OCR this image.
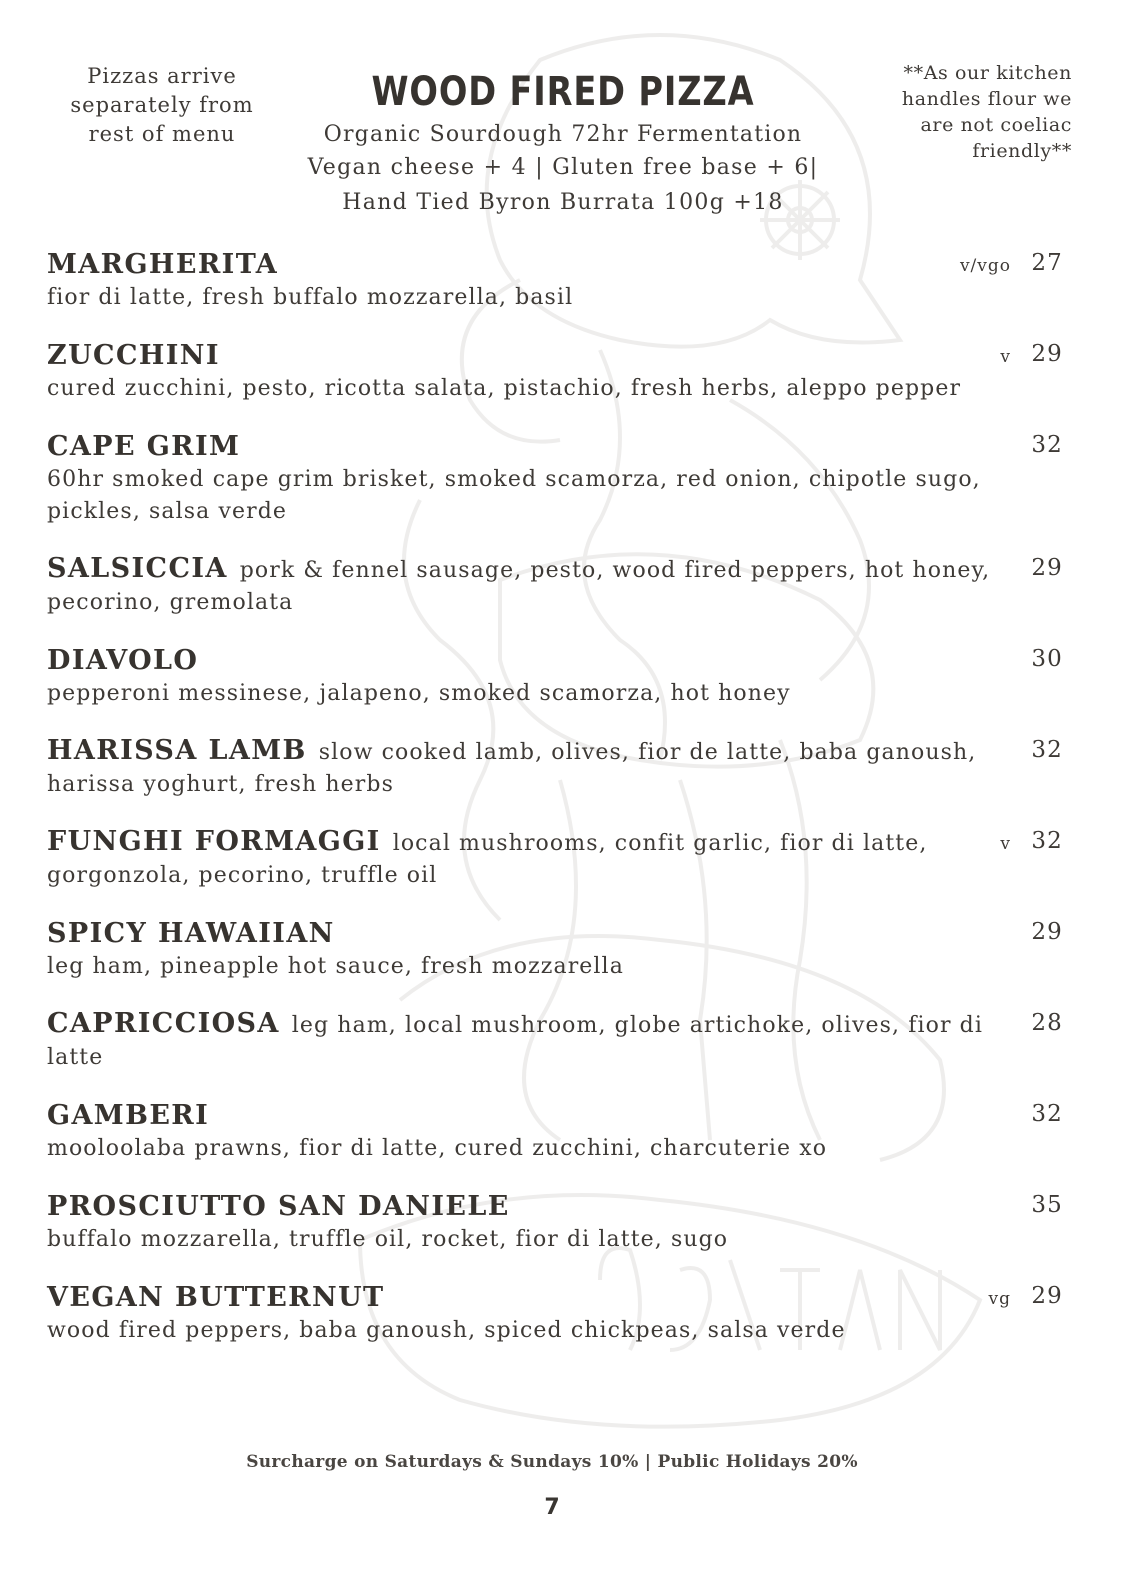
Pizzas arrive
separately from
rest of menu
WOOD FIRED PIZZA
Organic Sourdough 72hr Fermentation
Vegan cheese + 4 | Gluten free base + 6|
Hand Tied Byron Burrata 100g +18
**As our kitchen
handles flour we
are not coeliac
friendly**
MARGHERITA
fior di latte, fresh buffalo mozzarella, basil
v/vgo 27
ZUCCHINI
cured zucchini, pesto, ricotta salata, pistachio, fresh herbs, aleppo pepper
v 29
CAPE GRIM
60hr smoked cape grim brisket, smoked scamorza, red onion, chipotle sugo, pickles, salsa verde
32
SALSICCIA pork & fennel sausage, pesto, wood fired peppers, hot honey, pecorino, gremolata
29
DIAVOLO
pepperoni messinese, jalapeno, smoked scamorza, hot honey
30
HARISSA LAMB slow cooked lamb, olives, fior de latte, baba ganoush, harissa yoghurt, fresh herbs
32
FUNGHI FORMAGGI local mushrooms, confit garlic, fior di latte, gorgonzola, pecorino, truffle oil
v 32
SPICY HAWAIIAN
leg ham, pineapple hot sauce, fresh mozzarella
29
CAPRICCIOSA leg ham, local mushroom, globe artichoke, olives, fior di latte
28
GAMBERI
mooloolaba prawns, fior di latte, cured zucchini, charcuterie xo
32
PROSCIUTTO SAN DANIELE
buffalo mozzarella, truffle oil, rocket, fior di latte, sugo
35
VEGAN BUTTERNUT
wood fired peppers, baba ganoush, spiced chickpeas, salsa verde
vg 29
Surcharge on Saturdays & Sundays 10% | Public Holidays 20%
7
